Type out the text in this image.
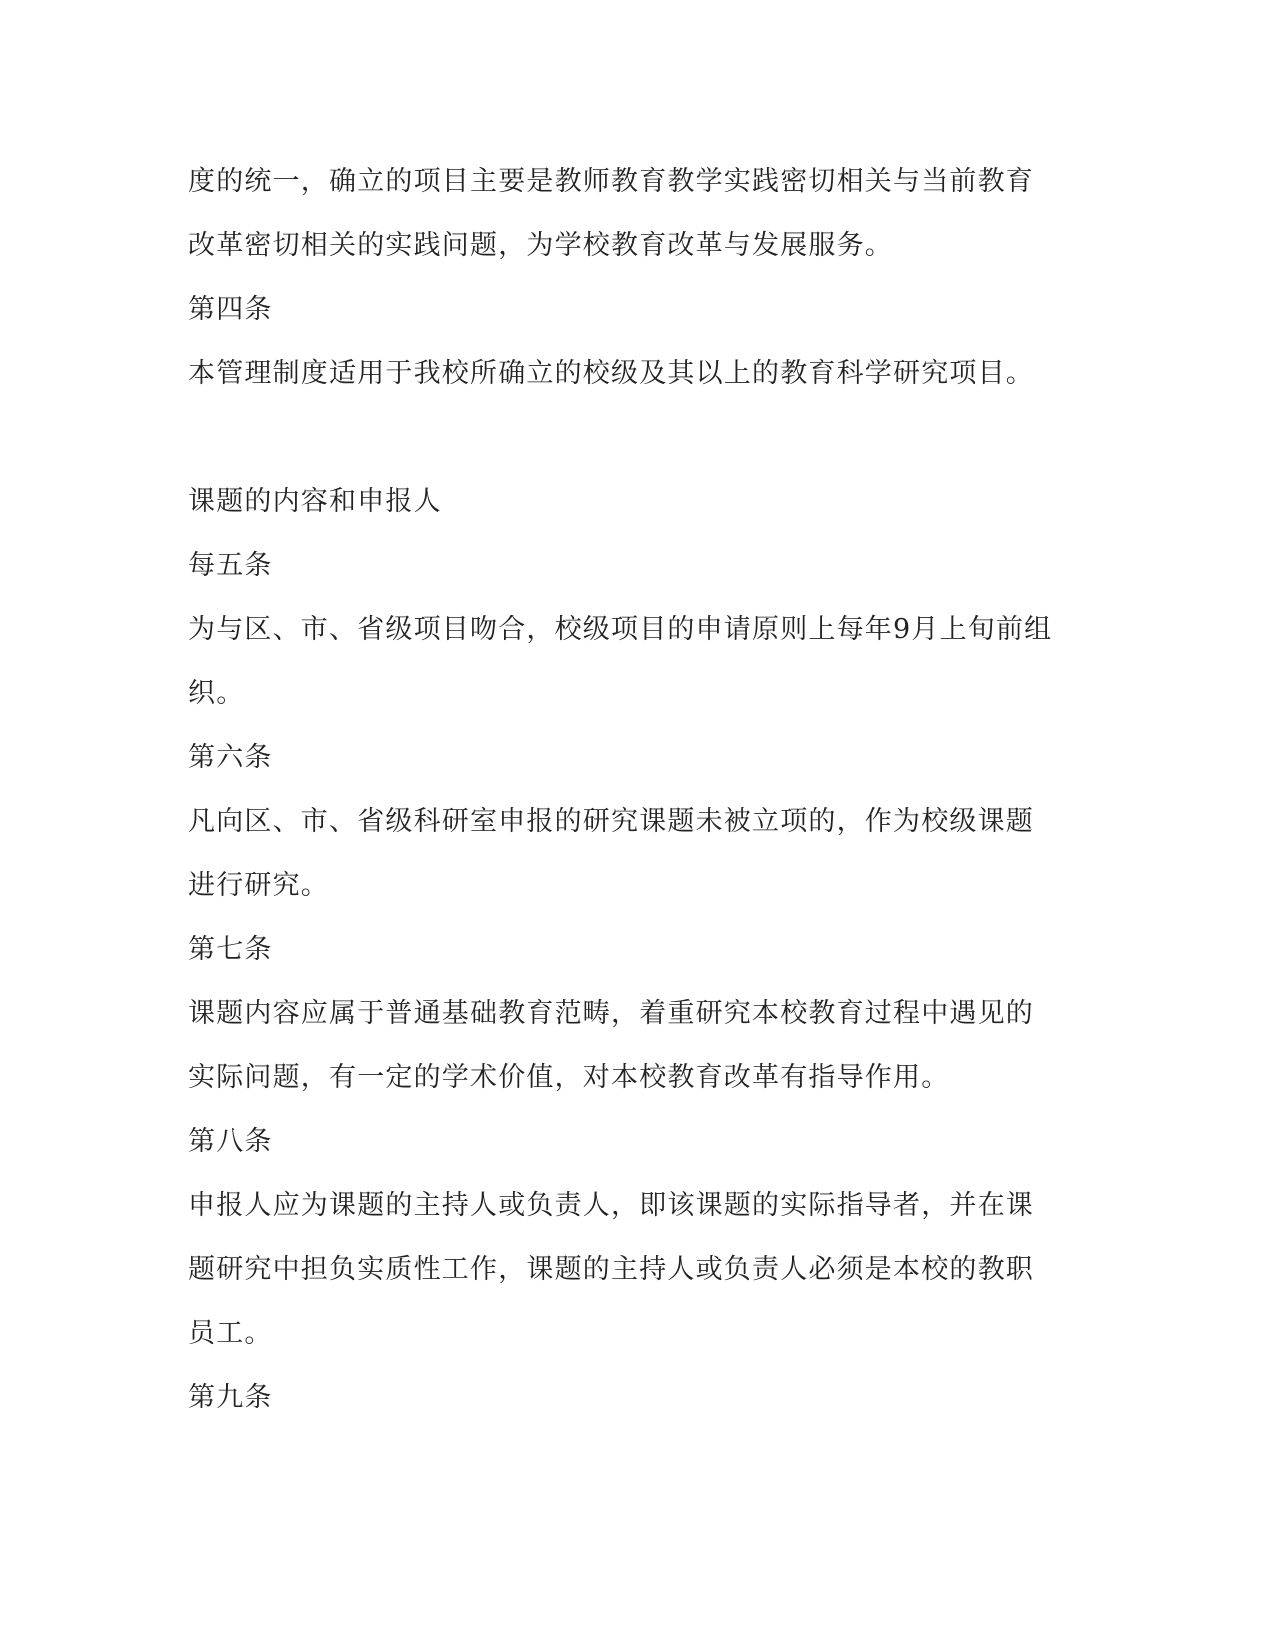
度的统一，确立的项目主要是教师教育教学实践密切相关与当前教育
改革密切相关的实践问题，为学校教育改革与发展服务。
第四条
本管理制度适用于我校所确立的校级及其以上的教育科学研究项目。
课题的内容和申报人
每五条
为与区、市、省级项目吻合，校级项目的申请原则上每年9月上旬前组
织。
第六条
凡向区、市、省级科研室申报的研究课题未被立项的，作为校级课题
进行研究。
第七条
课题内容应属于普通基础教育范畴，着重研究本校教育过程中遇见的
实际问题，有一定的学术价值，对本校教育改革有指导作用。
第八条
申报人应为课题的主持人或负责人，即该课题的实际指导者，并在课
题研究中担负实质性工作，课题的主持人或负责人必须是本校的教职
员工。
第九条
